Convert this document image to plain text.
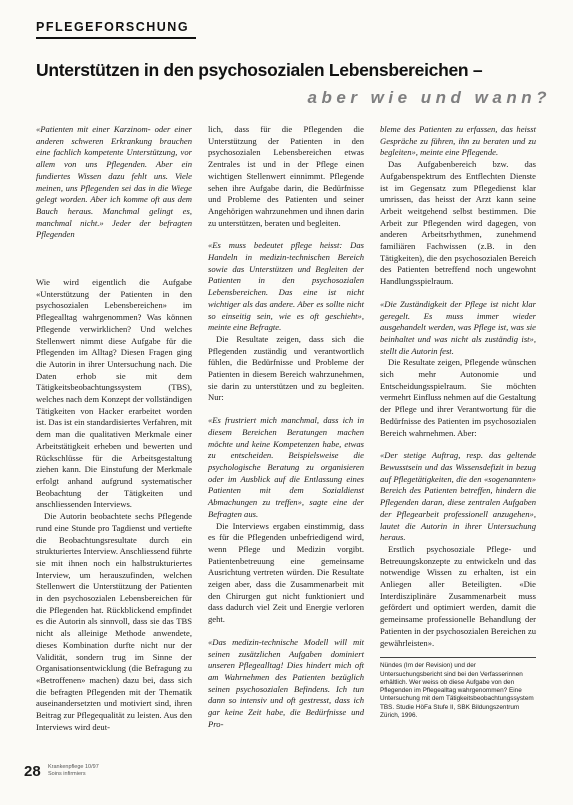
PFLEGEFORSCHUNG
Unterstützen in den psychosozialen Lebensbereichen –
aber wie und wann?

«Patienten mit einer Karzinom- oder einer anderen schweren Erkrankung brauchen eine fachlich kompetente Unterstützung, vor allem von uns Pflegenden. Aber ein fundiertes Wissen dazu fehlt uns. Viele meinen, uns Pflegenden sei das in die Wiege gelegt worden. Aber ich komme oft aus dem Bauch heraus. Manchmal gelingt es, manchmal nicht.» Jeder der befragten Pflegenden

Wie wird eigentlich die Aufgabe «Unterstützung der Patienten in den psychosozialen Lebensbereichen» im Pflegealltag wahrgenommen? Was können Pflegende verwirklichen? Und welches Stellenwert nimmt diese Aufgabe für die Pflegenden im Alltag? Diesen Fragen ging die Autorin in ihrer Untersuchung nach. Die Daten erhob sie mit dem Tätigkeitsbeobachtungssystem (TBS), welches nach dem Konzept der vollständigen Tätigkeiten von Hacker erarbeitet worden ist. Das ist ein standardisiertes Verfahren, mit dem man die qualitativen Merkmale einer Arbeitstätigkeit erheben und bewerten und Rückschlüsse für die Arbeitsgestaltung ziehen kann. Die Einstufung der Merkmale erfolgt anhand aufgrund systematischer Beobachtung der Tätigkeiten und anschliessenden Interviews.

Die Autorin beobachtete sechs Pflegende rund eine Stunde pro Tagdienst und vertiefte die Beobachtungsresultate durch ein strukturiertes Interview. Anschliessend führte sie mit ihnen noch ein halbstrukturiertes Interview, um herauszufinden, welchen Stellenwert die Unterstützung der Patienten in den psychosozialen Lebensbereichen für die Pflegenden hat. Rückblickend empfindet es die Autorin als sinnvoll, dass sie das TBS nicht als alleinige Methode anwendete, dieses Kombination durfte nicht nur der Validität, sondern trug im Sinne der Organisationsentwicklung (die Befragung zu «Betroffenen» machen) dazu bei, dass sich die befragten Pflegenden mit der Thematik auseinandersetzten und motiviert sind, ihren Beitrag zur Pflegequalität zu leisten. Aus den Interviews wird deut-

lich, dass für die Pflegenden die Unterstützung der Patienten in den psychosozialen Lebensbereichen etwas Zentrales ist und in der Pflege einen wichtigen Stellenwert einnimmt. Pflegende sehen ihre Aufgabe darin, die Bedürfnisse und Probleme des Patienten und seiner Angehörigen wahrzunehmen und ihnen darin zu unterstützen, beraten und begleiten.

«Es muss bedeutet pflege heisst: Das Handeln in medizin-technischen Bereich sowie das Unterstützen und Begleiten der Patienten in den psychosozialen Lebensbereichen. Das eine ist nicht wichtiger als das andere. Aber es sollte nicht so einseitig sein, wie es oft geschieht», meinte eine Befragte.

Die Resultate zeigen, dass sich die Pflegenden zuständig und verantwortlich fühlen, die Bedürfnisse und Probleme der Patienten in diesem Bereich wahrzunehmen, sie darin zu unterstützen und zu begleiten. Nur:

«Es frustriert mich manchmal, dass ich in diesem Bereichen Beratungen machen möchte und keine Kompetenzen habe, etwas zu entscheiden. Beispielsweise die psychologische Beratung zu organisieren oder im Ausblick auf die Entlassung eines Patienten mit dem Sozialdienst Abmachungen zu treffen», sagte eine der Befragten aus.

Die Interviews ergaben einstimmig, dass es für die Pflegenden unbefriedigend wird, wenn Pflege und Medizin vorgibt. Patientenbetreuung eine gemeinsame Ausrichtung vertreten würden. Die Resultate zeigen aber, dass die Zusammenarbeit mit den Chirurgen gut nicht funktioniert und dass dadurch viel Zeit und Energie verloren geht.

«Das medizin-technische Modell will mit seinen zusätzlichen Aufgaben dominiert unseren Pflegealltag! Dies hindert mich oft am Wahrnehmen des Patienten bezüglich seinen psychosozialen Befindens. Ich tun dann so intensiv und oft gestresst, dass ich gar keine Zeit habe, die Bedürfnisse und Pro-

bleme des Patienten zu erfassen, das heisst Gespräche zu führen, ihn zu beraten und zu begleiten», meinte eine Pflegende.

Das Aufgabenbereich bzw. das Aufgabenspektrum des Entflechten Dienste ist im Gegensatz zum Pflegedienst klar umrissen, das heisst der Arzt kann seine Arbeit weitgehend selbst bestimmen. Die Arbeit zur Pflegenden wird dagegen, von anderen Arbeitsrhythmen, zunehmend familiären Fachwissen (z.B. in den Tätigkeiten), die den psychosozialen Bereich des Patienten betreffend noch ungewohnt Handlungsspielraum.

«Die Zuständigkeit der Pflege ist nicht klar geregelt. Es muss immer wieder ausgehandelt werden, was Pflege ist, was sie beinhaltet und was nicht als zuständig ist», stellt die Autorin fest.

Die Resultate zeigen, Pflegende wünschen sich mehr Autonomie und Entscheidungsspielraum. Sie möchten vermehrt Einfluss nehmen auf die Gestaltung der Pflege und ihrer Verantwortung für die Bedürfnisse des Patienten im psychosozialen Bereich wahrnehmen. Aber:

«Der stetige Auftrag, resp. das geltende Bewusstsein und das Wissensdefizit in bezug auf Pflegetätigkeiten, die den «sogenannten» Bereich des Patienten betreffen, hindern die Pflegenden daran, diese zentralen Aufgaben der Pflegearbeit professionell anzugehen», lautet die Autorin in ihrer Untersuchung heraus.

Erstlich psychosoziale Pflege- und Betreuungskonzepte zu entwickeln und das notwendige Wissen zu erhalten, ist ein Anliegen aller Beteiligten. «Die Interdisziplinäre Zusammenarbeit muss gefördert und optimiert werden, damit die gemeinsame professionelle Behandlung der Patienten in der psychosozialen Bereichen zu gewährleisten».

Nündes (Im der Revision) und der Untersuchungsbericht sind bei den Verfasserinnen erhältlich. Wer weiss ob diese Aufgabe von den Pflegenden im Pflegealltag wahrgenommen? Eine Untersuchung mit dem Tätigkeitsbeobachtungssystem TBS. Studie HöFa Stufe II, SBK Bildungszentrum Zürich, 1996.
28 Krankenpflege 10/97
Soins infirmiers
